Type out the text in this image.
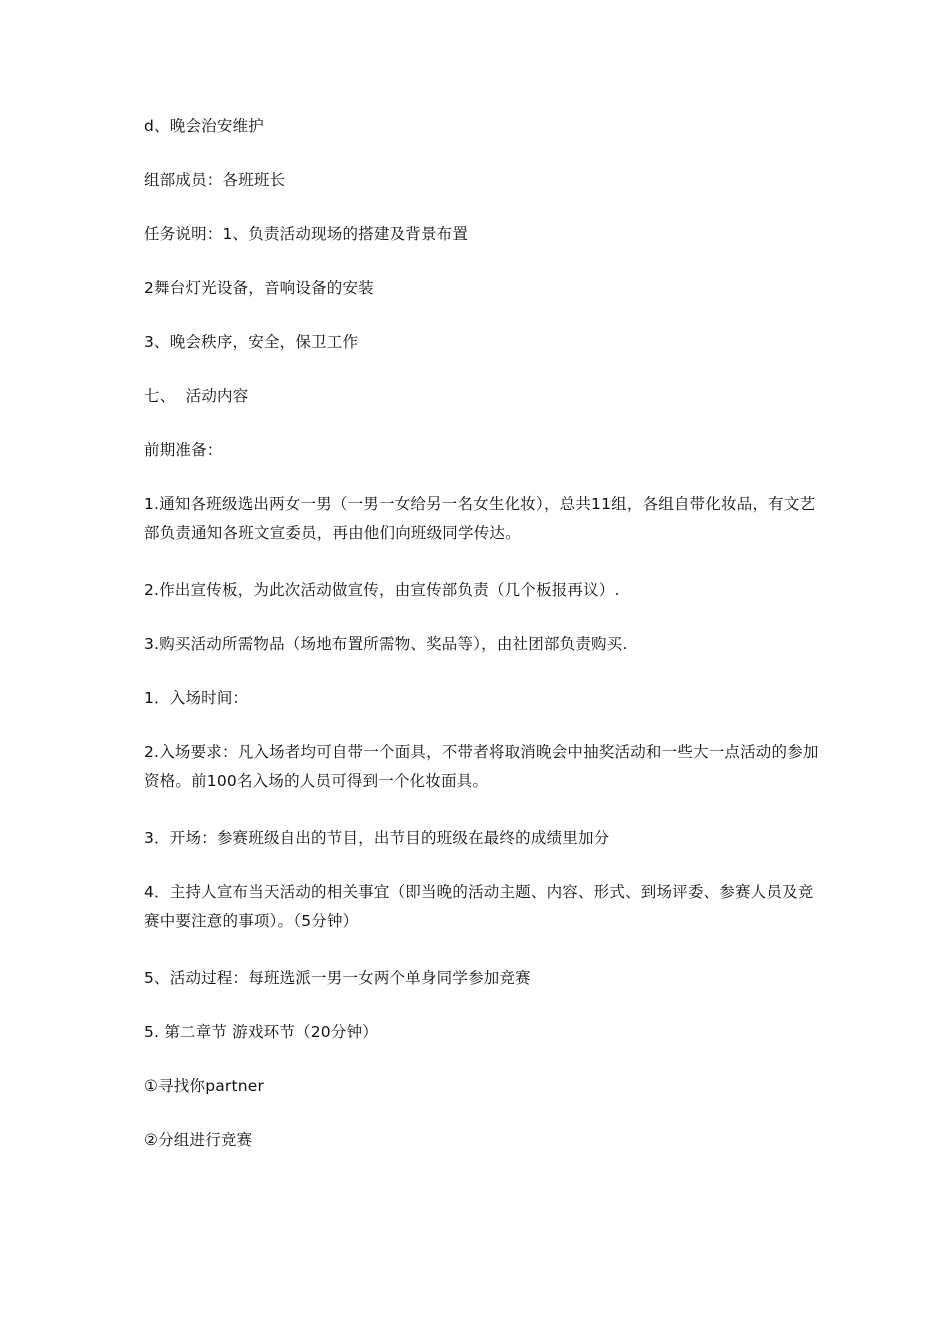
d、晚会治安维护
组部成员：各班班长
任务说明：1、负责活动现场的搭建及背景布置
2舞台灯光设备，音响设备的安装
3、晚会秩序，安全，保卫工作
七、  活动内容
前期准备：
1.通知各班级选出两女一男（一男一女给另一名女生化妆），总共11组，各组自带化妆品，有文艺部负责通知各班文宣委员，再由他们向班级同学传达。
2.作出宣传板，为此次活动做宣传，由宣传部负责（几个板报再议）.
3.购买活动所需物品（场地布置所需物、奖品等），由社团部负责购买.
1．入场时间：
2.入场要求：凡入场者均可自带一个面具，不带者将取消晚会中抽奖活动和一些大一点活动的参加资格。前100名入场的人员可得到一个化妆面具。
3．开场：参赛班级自出的节目，出节目的班级在最终的成绩里加分
4．主持人宣布当天活动的相关事宜（即当晚的活动主题、内容、形式、到场评委、参赛人员及竞赛中要注意的事项）。（5分钟）
5、活动过程：每班选派一男一女两个单身同学参加竞赛
5. 第二章节 游戏环节（20分钟）
①寻找你partner
②分组进行竞赛
